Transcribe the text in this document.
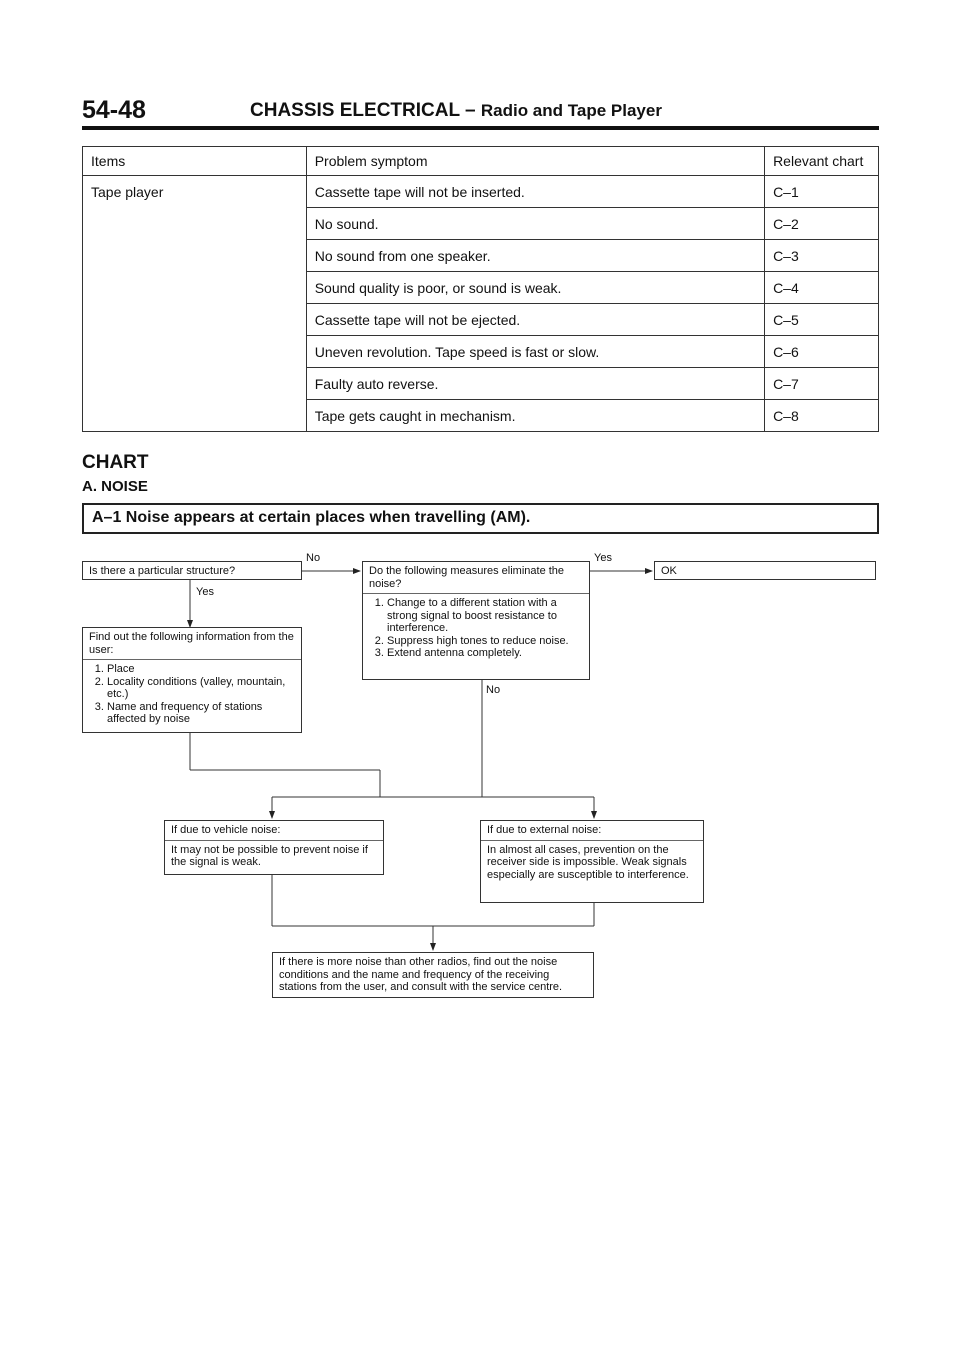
54-48	CHASSIS ELECTRICAL – Radio and Tape Player
Items	Problem symptom	Relevant chart
Tape player	Cassette tape will not be inserted.	C–1
	No sound.	C–2
	No sound from one speaker.	C–3
	Sound quality is poor, or sound is weak.	C–4
	Cassette tape will not be ejected.	C–5
	Uneven revolution. Tape speed is fast or slow.	C–6
	Faulty auto reverse.	C–7
	Tape gets caught in mechanism.	C–8
CHART
A. NOISE
A–1 Noise appears at certain places when travelling (AM).
Is there a particular structure?
No
Yes
Find out the following information from the user:
1. Place
2. Locality conditions (valley, mountain, etc.)
3. Name and frequency of stations affected by noise
Do the following measures eliminate the noise?
1. Change to a different station with a strong signal to boost resistance to interference.
2. Suppress high tones to reduce noise.
3. Extend antenna completely.
Yes
No
OK
If due to vehicle noise:
It may not be possible to prevent noise if the signal is weak.
If due to external noise:
In almost all cases, prevention on the receiver side is impossible. Weak signals especially are susceptible to interference.
If there is more noise than other radios, find out the noise conditions and the name and frequency of the receiving stations from the user, and consult with the service centre.
